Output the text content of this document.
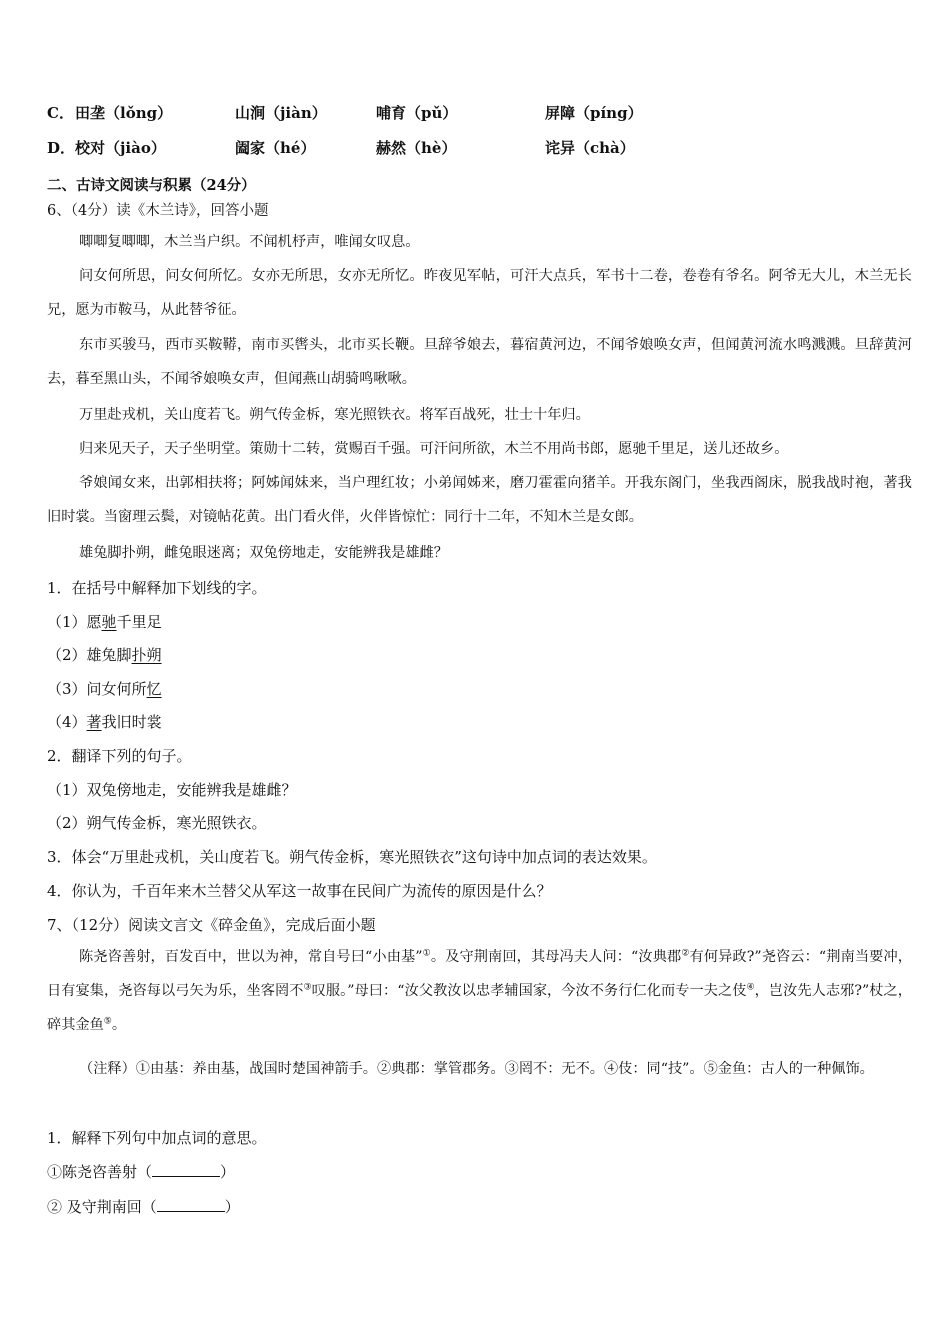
C． 田垄（lǒng）	山涧（jiàn）	哺育（pǔ）	屏障（píng）
D． 校对（jiào）	阖家（hé）	赫然（hè）	诧异（chà）
二、古诗文阅读与积累（24分）
6、（4分）读《木兰诗》，回答小题
唧唧复唧唧，木兰当户织。不闻机杼声，唯闻女叹息。
问女何所思，问女何所忆。女亦无所思，女亦无所忆。昨夜见军帖，可汗大点兵，军书十二卷，卷卷有爷名。阿爷无大儿，木兰无长兄，愿为市鞍马，从此替爷征。
东市买骏马，西市买鞍鞯，南市买辔头，北市买长鞭。旦辞爷娘去，暮宿黄河边，不闻爷娘唤女声，但闻黄河流水鸣溅溅。旦辞黄河去，暮至黑山头，不闻爷娘唤女声，但闻燕山胡骑鸣啾啾。
万里赴戎机，关山度若飞。朔气传金柝，寒光照铁衣。将军百战死，壮士十年归。
归来见天子，天子坐明堂。策勋十二转，赏赐百千强。可汗问所欲，木兰不用尚书郎，愿驰千里足，送儿还故乡。
爷娘闻女来，出郭相扶将；阿姊闻妹来，当户理红妆；小弟闻姊来，磨刀霍霍向猪羊。开我东阁门，坐我西阁床，脱我战时袍，著我旧时裳。当窗理云鬓，对镜帖花黄。出门看火伴，火伴皆惊忙：同行十二年，不知木兰是女郎。
雄兔脚扑朔，雌兔眼迷离；双兔傍地走，安能辨我是雄雌？
1．在括号中解释加下划线的字。
（1）愿驰千里足
（2）雄兔脚扑朔
（3）问女何所忆
（4）著我旧时裳
2．翻译下列的句子。
（1）双兔傍地走，安能辨我是雄雌？
（2）朔气传金柝，寒光照铁衣。
3．体会“万里赴戎机，关山度若飞。朔气传金柝，寒光照铁衣”这句诗中加点词的表达效果。
4．你认为，千百年来木兰替父从军这一故事在民间广为流传的原因是什么？
7、（12分）阅读文言文《碎金鱼》，完成后面小题
陈尧咨善射，百发百中，世以为神，常自号曰“小由基”①。及守荆南回，其母冯夫人问：“汝典郡②有何异政?”尧咨云：“荆南当要冲，日有宴集，尧咨每以弓矢为乐，坐客罔不③叹服。”母曰：“汝父教汝以忠孝辅国家，今汝不务行仁化而专一夫之伎④，岂汝先人志邪?”杖之，碎其金鱼⑤。
（注释）①由基：养由基，战国时楚国神箭手。②典郡：掌管郡务。③罔不：无不。④伎：同“技”。⑤金鱼：古人的一种佩饰。
1．解释下列句中加点词的意思。
①陈尧咨善射（	）
② 及守荆南回（	）
